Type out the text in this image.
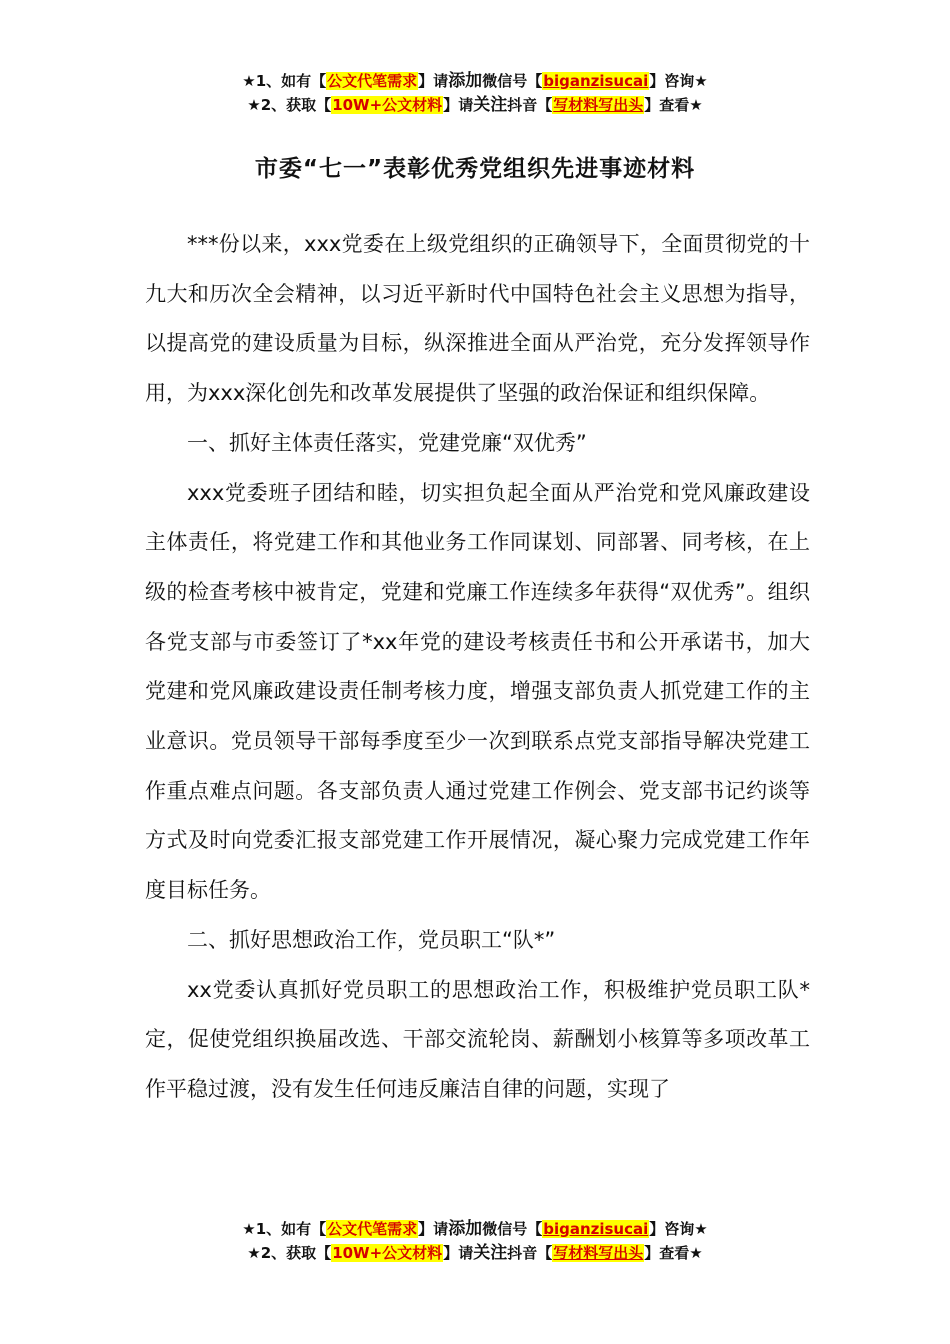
★1、如有【公文代笔需求】请添加微信号【biganzisucai】咨询★
★2、获取【10W+公文材料】请关注抖音【写材料写出头】查看★
市委“七一”表彰优秀党组织先进事迹材料

***份以来，xxx党委在上级党组织的正确领导下，全面贯彻党的十九大和历次全会精神，以习近平新时代中国特色社会主义思想为指导，以提高党的建设质量为目标，纵深推进全面从严治党，充分发挥领导作用，为xxx深化创先和改革发展提供了坚强的政治保证和组织保障。

一、抓好主体责任落实，党建党廉“双优秀”

xxx党委班子团结和睦，切实担负起全面从严治党和党风廉政建设主体责任，将党建工作和其他业务工作同谋划、同部署、同考核，在上级的检查考核中被肯定，党建和党廉工作连续多年获得“双优秀”。组织各党支部与市委签订了*xx年党的建设考核责任书和公开承诺书，加大党建和党风廉政建设责任制考核力度，增强支部负责人抓党建工作的主业意识。党员领导干部每季度至少一次到联系点党支部指导解决党建工作重点难点问题。各支部负责人通过党建工作例会、党支部书记约谈等方式及时向党委汇报支部党建工作开展情况，凝心聚力完成党建工作年度目标任务。

二、抓好思想政治工作，党员职工“队*”

xx党委认真抓好党员职工的思想政治工作，积极维护党员职工队*定，促使党组织换届改选、干部交流轮岗、薪酬划小核算等多项改革工作平稳过渡，没有发生任何违反廉洁自律的问题，实现了

★1、如有【公文代笔需求】请添加微信号【biganzisucai】咨询★
★2、获取【10W+公文材料】请关注抖音【写材料写出头】查看★
